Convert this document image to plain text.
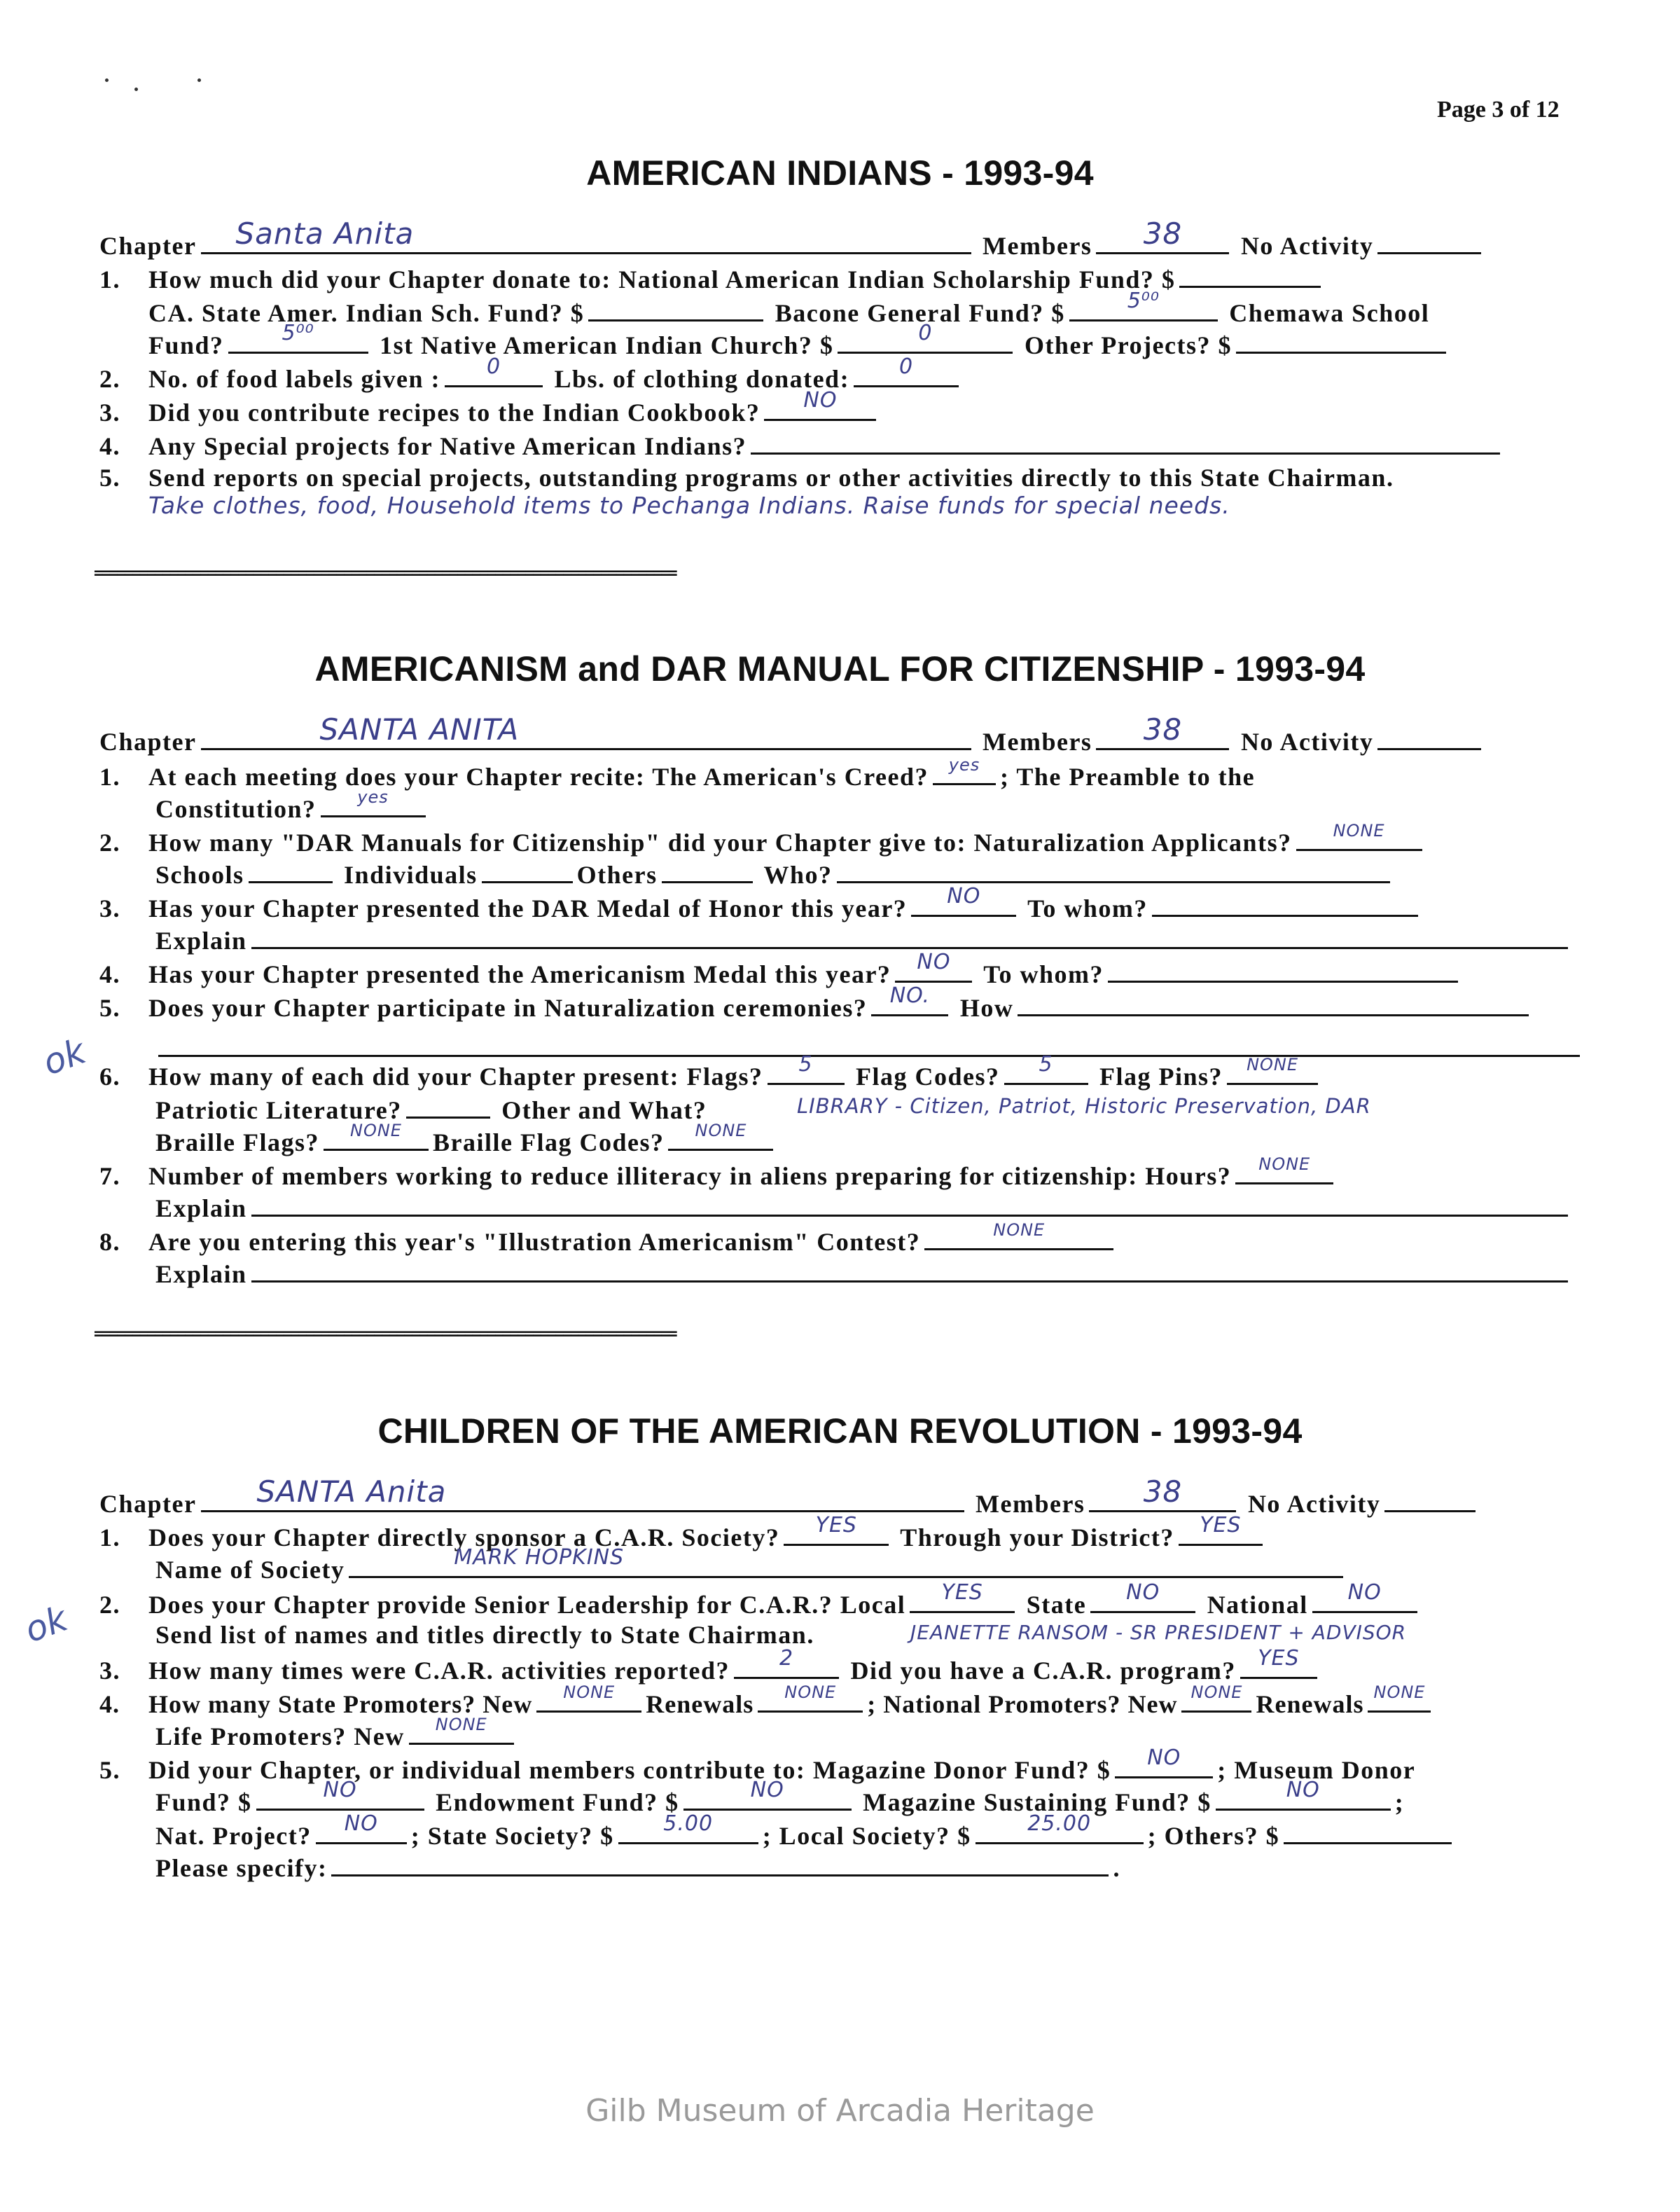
Page 3 of 12
AMERICAN INDIANS - 1993-94
Chapter Santa Anita	Members	38	No Activity
1. How much did your Chapter donate to: National American Indian Scholarship Fund? $
CA. State Amer. Indian Sch. Fund? $	Bacone General Fund? $	5⁰⁰	Chemawa School
Fund?	5⁰⁰	1st Native American Indian Church? $	0	Other Projects? $
2. No. of food labels given :	0	Lbs. of clothing donated:	0
3. Did you contribute recipes to the Indian Cookbook?	NO
4. Any Special projects for Native American Indians?
5. Send reports on special projects, outstanding programs or other activities directly to this State Chairman.
Take clothes, food, Household items to Pechanga Indians. Raise funds for special needs.
=============================================================================
AMERICANISM and DAR MANUAL FOR CITIZENSHIP - 1993-94
Chapter	SANTA ANITA	Members	38	No Activity
1. At each meeting does your Chapter recite: The American's Creed?	yes ; The Preamble to the
Constitution?	yes
2. How many "DAR Manuals for Citizenship" did your Chapter give to: Naturalization Applicants?	NONE
Schools	Individuals	Others	Who?
3. Has your Chapter presented the DAR Medal of Honor this year?	NO	To whom?
Explain
4. Has your Chapter presented the Americanism Medal this year?	NO	To whom?
5. Does your Chapter participate in Naturalization ceremonies?	NO.	How
ok 6. How many of each did your Chapter present: Flags?	5	Flag Codes?	5	Flag Pins?	NONE
Patriotic Literature?	Other and What?	LIBRARY - Citizen, Patriot, Historic Preservation, DAR
Braille Flags?	NONE	Braille Flag Codes?	NONE
7. Number of members working to reduce illiteracy in aliens preparing for citizenship: Hours?	NONE
Explain
8. Are you entering this year's "Illustration Americanism" Contest?	NONE
Explain
=============================================================================
CHILDREN OF THE AMERICAN REVOLUTION - 1993-94
Chapter SANTA Anita	Members	38	No Activity
1. Does your Chapter directly sponsor a C.A.R. Society?	YES	Through your District?	YES
Name of Society	MARK HOPKINS
ok 2. Does your Chapter provide Senior Leadership for C.A.R.? Local	YES	State	NO	National	NO
Send list of names and titles directly to State Chairman.	JEANETTE RANSOM - SR PRESIDENT + ADVISOR
3. How many times were C.A.R. activities reported?	2	Did you have a C.A.R. program?	YES
4. How many State Promoters? New	NONE	Renewals	NONE	; National Promoters? New NONE Renewals NONE
Life Promoters? New	NONE
5. Did your Chapter, or individual members contribute to: Magazine Donor Fund? $	NO	; Museum Donor
Fund? $	NO	Endowment Fund? $	NO	Magazine Sustaining Fund? $	NO	;
Nat. Project?	NO	; State Society? $	5.00	; Local Society? $	25.00	; Others? $
Please specify:	.
Gilb Museum of Arcadia Heritage
